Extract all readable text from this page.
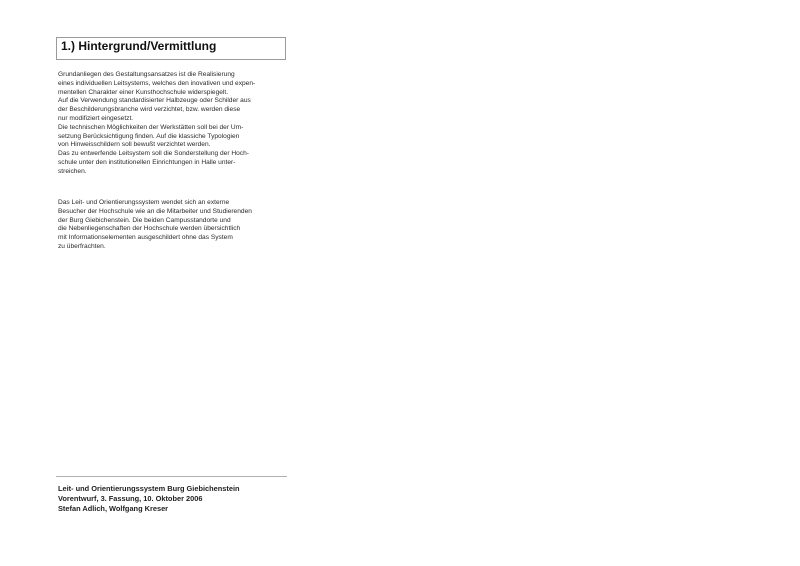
1.) Hintergrund/Vermittlung
Grundanliegen des Gestaltungsansatzes ist die Realisierung
eines individuellen Leitsystems, welches den inovativen und expen-
mentellen Charakter einer Kunsthochschule widerspiegelt.
Auf die Verwendung standardisierter Halbzeuge oder Schilder aus
der Beschilderungsbranche wird verzichtet, bzw. werden diese
nur modifiziert eingesetzt.
Die technischen Möglichkeiten der Werkstätten soll bei der Um-
setzung Berücksichtigung finden. Auf die klassiche Typologien
von Hinweisschildern soll bewußt verzichtet werden.
Das zu entwerfende Leitsystem soll die Sonderstellung der Hoch-
schule unter den institutionellen Einrichtungen in Halle unter-
streichen.
Das Leit- und Orientierungssystem wendet sich an externe
Besucher der Hochschule wie an die Mitarbeiter und Studierenden
der Burg Giebichenstein. Die beiden Campusstandorte und
die Nebenliegenschaften der Hochschule werden übersichtlich
mit Informationselementen ausgeschildert ohne das System
zu überfrachten.
Leit- und Orientierungssystem Burg Giebichenstein
Vorentwurf, 3. Fassung, 10. Oktober 2006
Stefan Adlich, Wolfgang Kreser
